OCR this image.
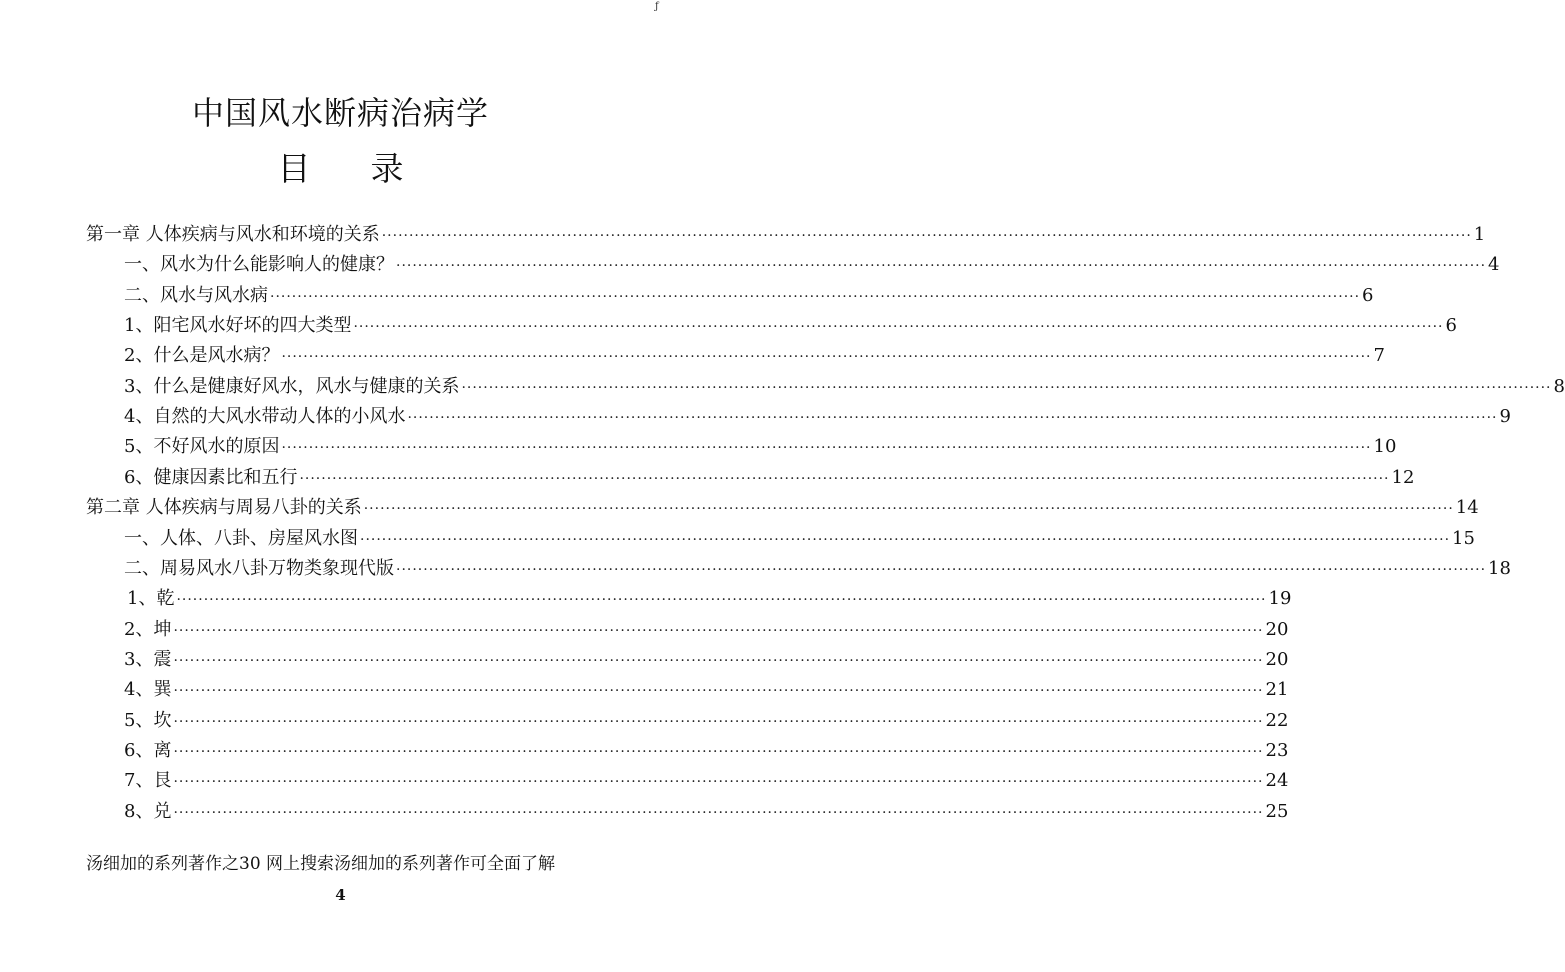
ƒ
中国风水断病治病学
目 录
第一章 人体疾病与风水和环境的关系 ········································································································································································································ 1
一、风水为什么能影响人的健康？ ········································································································································································································ 4
二、风水与风水病 ········································································································································································································ 6
1、阳宅风水好坏的四大类型 ········································································································································································································ 6
2、什么是风水病？ ········································································································································································································ 7
3、什么是健康好风水，风水与健康的关系 ········································································································································································································ 8
4、自然的大风水带动人体的小风水 ········································································································································································································ 9
5、不好风水的原因 ········································································································································································································ 10
6、健康因素比和五行 ········································································································································································································ 12
第二章 人体疾病与周易八卦的关系 ········································································································································································································ 14
一、人体、八卦、房屋风水图 ········································································································································································································ 15
二、周易风水八卦万物类象现代版 ········································································································································································································ 18
1、乾 ········································································································································································································ 19
2、坤 ········································································································································································································ 20
3、震 ········································································································································································································ 20
4、巽 ········································································································································································································ 21
5、坎 ········································································································································································································ 22
6、离 ········································································································································································································ 23
7、艮 ········································································································································································································ 24
8、兑 ········································································································································································································ 25
汤细加的系列著作之30 网上搜索汤细加的系列著作可全面了解
4
